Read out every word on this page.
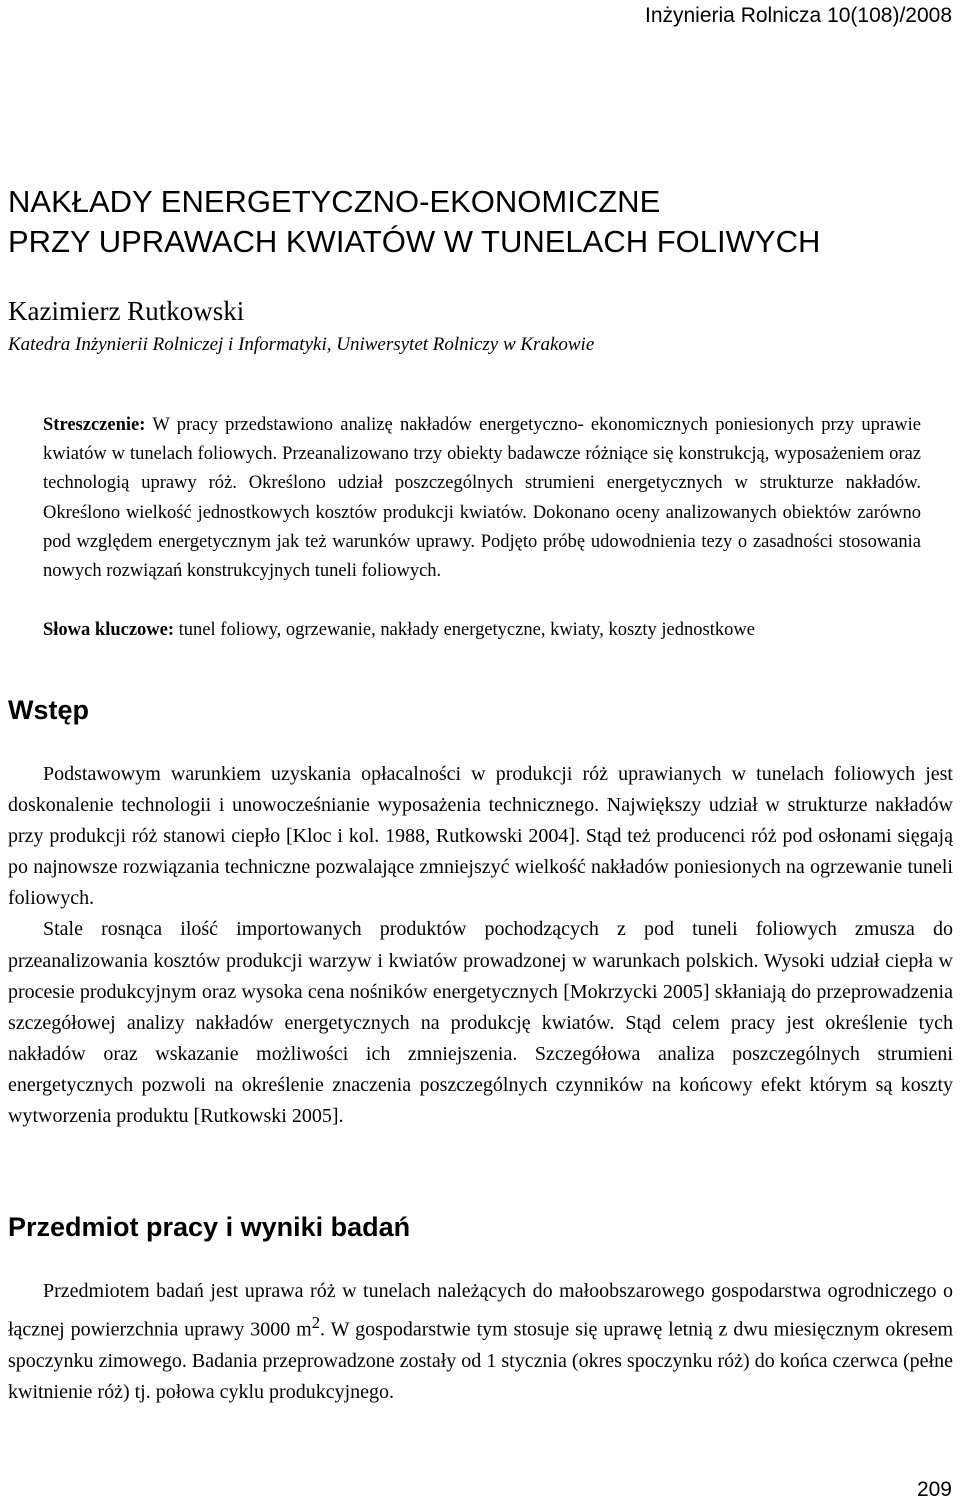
Inżynieria Rolnicza 10(108)/2008
NAKŁADY ENERGETYCZNO-EKONOMICZNE
PRZY UPRAWACH KWIATÓW W TUNELACH FOLIWYCH
Kazimierz Rutkowski
Katedra Inżynierii Rolniczej i Informatyki, Uniwersytet Rolniczy w Krakowie

Streszczenie: W pracy przedstawiono analizę nakładów energetyczno- ekonomicznych poniesionych przy uprawie kwiatów w tunelach foliowych. Przeanalizowano trzy obiekty badawcze różniące się konstrukcją, wyposażeniem oraz technologią uprawy róż. Określono udział poszczególnych strumieni energetycznych w strukturze nakładów. Określono wielkość jednostkowych kosztów produkcji kwiatów. Dokonano oceny analizowanych obiektów zarówno pod względem energetycznym jak też warunków uprawy. Podjęto próbę udowodnienia tezy o zasadności stosowania nowych rozwiązań konstrukcyjnych tuneli foliowych.

Słowa kluczowe: tunel foliowy, ogrzewanie, nakłady energetyczne, kwiaty, koszty jednostkowe

Wstęp

Podstawowym warunkiem uzyskania opłacalności w produkcji róż uprawianych w tunelach foliowych jest doskonalenie technologii i unowocześnianie wyposażenia technicznego. Największy udział w strukturze nakładów przy produkcji róż stanowi ciepło [Kloc i kol. 1988, Rutkowski 2004]. Stąd też producenci róż pod osłonami sięgają po najnowsze rozwiązania techniczne pozwalające zmniejszyć wielkość nakładów poniesionych na ogrzewanie tuneli foliowych.

Stale rosnąca ilość importowanych produktów pochodzących z pod tuneli foliowych zmusza do przeanalizowania kosztów produkcji warzyw i kwiatów prowadzonej w warunkach polskich. Wysoki udział ciepła w procesie produkcyjnym oraz wysoka cena nośników energetycznych [Mokrzycki 2005] skłaniają do przeprowadzenia szczegółowej analizy nakładów energetycznych na produkcję kwiatów. Stąd celem pracy jest określenie tych nakładów oraz wskazanie możliwości ich zmniejszenia. Szczegółowa analiza poszczególnych strumieni energetycznych pozwoli na określenie znaczenia poszczególnych czynników na końcowy efekt którym są koszty wytworzenia produktu [Rutkowski 2005].

Przedmiot pracy i wyniki badań

Przedmiotem badań jest uprawa róż w tunelach należących do małoobszarowego gospodarstwa ogrodniczego o łącznej powierzchnia uprawy 3000 $m^2$. W gospodarstwie tym stosuje się uprawę letnią z dwu miesięcznym okresem spoczynku zimowego. Badania przeprowadzone zostały od 1 stycznia (okres spoczynku róż) do końca czerwca (pełne kwitnienie róż) tj. połowa cyklu produkcyjnego.

209
